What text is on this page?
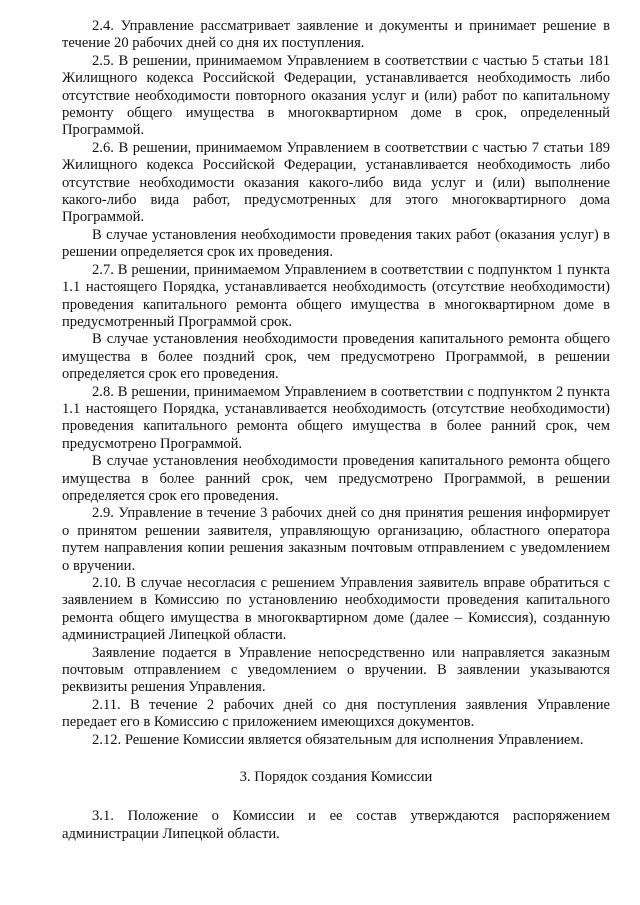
2.4. Управление рассматривает заявление и документы и принимает решение в течение 20 рабочих дней со дня их поступления.

2.5. В решении, принимаемом Управлением в соответствии с частью 5 статьи 181 Жилищного кодекса Российской Федерации, устанавливается необходимость либо отсутствие необходимости повторного оказания услуг и (или) работ по капитальному ремонту общего имущества в многоквартирном доме в срок, определенный Программой.

2.6. В решении, принимаемом Управлением в соответствии с частью 7 статьи 189 Жилищного кодекса Российской Федерации, устанавливается необходимость либо отсутствие необходимости оказания какого-либо вида услуг и (или) выполнение какого-либо вида работ, предусмотренных для этого многоквартирного дома Программой.

В случае установления необходимости проведения таких работ (оказания услуг) в решении определяется срок их проведения.

2.7. В решении, принимаемом Управлением в соответствии с подпунктом 1 пункта 1.1 настоящего Порядка, устанавливается необходимость (отсутствие необходимости) проведения капитального ремонта общего имущества в многоквартирном доме в предусмотренный Программой срок.

В случае установления необходимости проведения капитального ремонта общего имущества в более поздний срок, чем предусмотрено Программой, в решении определяется срок его проведения.

2.8. В решении, принимаемом Управлением в соответствии с подпунктом 2 пункта 1.1 настоящего Порядка, устанавливается необходимость (отсутствие необходимости) проведения капитального ремонта общего имущества в более ранний срок, чем предусмотрено Программой.

В случае установления необходимости проведения капитального ремонта общего имущества в более ранний срок, чем предусмотрено Программой, в решении определяется срок его проведения.

2.9. Управление в течение 3 рабочих дней со дня принятия решения информирует о принятом решении заявителя, управляющую организацию, областного оператора путем направления копии решения заказным почтовым отправлением с уведомлением о вручении.

2.10. В случае несогласия с решением Управления заявитель вправе обратиться с заявлением в Комиссию по установлению необходимости проведения капитального ремонта общего имущества в многоквартирном доме (далее – Комиссия), созданную администрацией Липецкой области.

Заявление подается в Управление непосредственно или направляется заказным почтовым отправлением с уведомлением о вручении. В заявлении указываются реквизиты решения Управления.

2.11. В течение 2 рабочих дней со дня поступления заявления Управление передает его в Комиссию с приложением имеющихся документов.

2.12. Решение Комиссии является обязательным для исполнения Управлением.

3. Порядок создания Комиссии

3.1. Положение о Комиссии и ее состав утверждаются распоряжением администрации Липецкой области.
